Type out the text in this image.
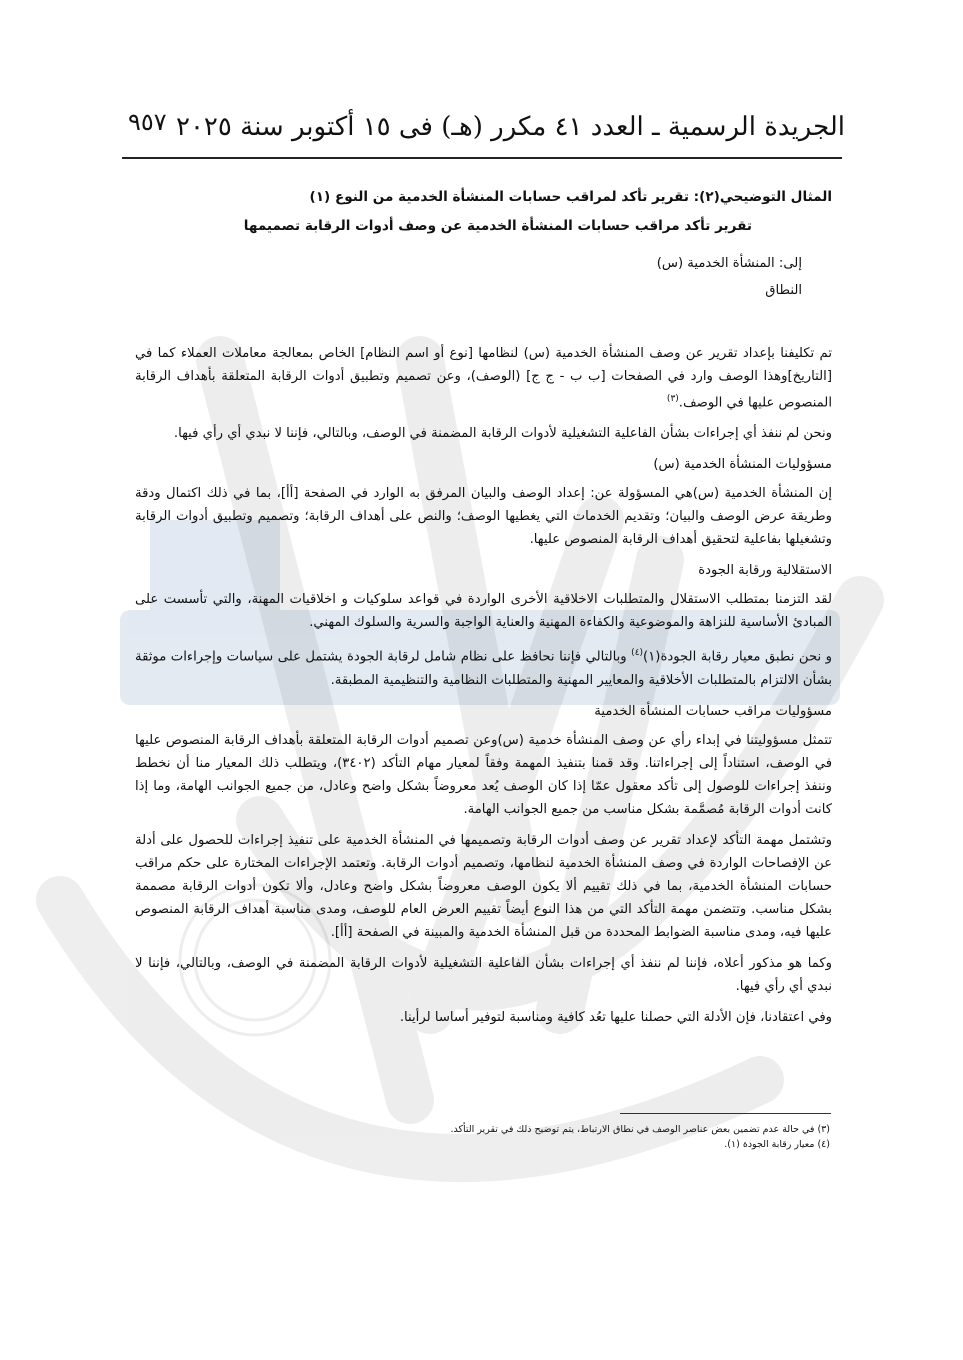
٩٥٧ الجريدة الرسمية ـ العدد ٤١ مكرر (هـ) فى ١٥ أكتوبر سنة ٢٠٢٥

المثال التوضيحي(٢): تقرير تأكد لمراقب حسابات المنشأة الخدمية من النوع (١)

تقرير تأكد مراقب حسابات المنشأة الخدمية عن وصف أدوات الرقابة تصميمها

إلى: المنشأة الخدمية (س)

النطاق

تم تكليفنا بإعداد تقرير عن وصف المنشأة الخدمية (س) لنظامها [نوع أو اسم النظام] الخاص بمعالجة معاملات العملاء كما في [التاريخ]وهذا الوصف وارد في الصفحات [ب ب - ج ج] (الوصف)، وعن تصميم وتطبيق أدوات الرقابة المتعلقة بأهداف الرقابة المنصوص عليها في الوصف.$^{(٣)}$

ونحن لم ننفذ أي إجراءات بشأن الفاعلية التشغيلية لأدوات الرقابة المضمنة في الوصف، وبالتالي، فإننا لا نبدي أي رأي فيها.

مسؤوليات المنشأة الخدمية (س)

إن المنشأة الخدمية (س)هي المسؤولة عن: إعداد الوصف والبيان المرفق به الوارد في الصفحة [أأ]، بما في ذلك اكتمال ودقة وطريقة عرض الوصف والبيان؛ وتقديم الخدمات التي يغطيها الوصف؛ والنص على أهداف الرقابة؛ وتصميم وتطبيق أدوات الرقابة وتشغيلها بفاعلية لتحقيق أهداف الرقابة المنصوص عليها.

الاستقلالية ورقابة الجودة

لقد التزمنا بمتطلب الاستقلال والمتطلبات الاخلاقية الأخرى الواردة في قواعد سلوكيات و اخلاقيات المهنة، والتي تأسست على المبادئ الأساسية للنزاهة والموضوعية والكفاءة المهنية والعناية الواجبة والسرية والسلوك المهني.

و نحن نطبق معيار رقابة الجودة(١)$^{(٤)}$ وبالتالي فإننا نحافظ على نظام شامل لرقابة الجودة يشتمل على سياسات وإجراءات موثقة بشأن الالتزام بالمتطلبات الأخلاقية والمعايير المهنية والمتطلبات النظامية والتنظيمية المطبقة.

مسؤوليات مراقب حسابات المنشأة الخدمية

تتمثل مسؤوليتنا في إبداء رأي عن وصف المنشأة خدمية (س)وعن تصميم أدوات الرقابة المتعلقة بأهداف الرقابة المنصوص عليها في الوصف، استناداً إلى إجراءاتنا. وقد قمنا بتنفيذ المهمة وفقاً لمعيار مهام التأكد (٣٤٠٢)، ويتطلب ذلك المعيار منا أن نخطط وننفذ إجراءات للوصول إلى تأكد معقول عمّا إذا كان الوصف يُعد معروضاً بشكل واضح وعادل، من جميع الجوانب الهامة، وما إذا كانت أدوات الرقابة مُصمَّمة بشكل مناسب من جميع الجوانب الهامة.

وتشتمل مهمة التأكد لإعداد تقرير عن وصف أدوات الرقابة وتصميمها في المنشأة الخدمية على تنفيذ إجراءات للحصول على أدلة عن الإفصاحات الواردة في وصف المنشأة الخدمية لنظامها، وتصميم أدوات الرقابة. وتعتمد الإجراءات المختارة على حكم مراقب حسابات المنشأة الخدمية، بما في ذلك تقييم ألا يكون الوصف معروضاً بشكل واضح وعادل، وألا تكون أدوات الرقابة مصممة بشكل مناسب. وتتضمن مهمة التأكد التي من هذا النوع أيضاً تقييم العرض العام للوصف، ومدى مناسبة أهداف الرقابة المنصوص عليها فيه، ومدى مناسبة الضوابط المحددة من قبل المنشأة الخدمية والمبينة في الصفحة [أأ].

وكما هو مذكور أعلاه، فإننا لم ننفذ أي إجراءات بشأن الفاعلية التشغيلية لأدوات الرقابة المضمنة في الوصف، وبالتالي، فإننا لا نبدي أي رأي فيها.

وفي اعتقادنا، فإن الأدلة التي حصلنا عليها تعُد كافية ومناسبة لتوفير أساسا لرأينا.

(٣) في حالة عدم تضمين بعض عناصر الوصف في نطاق الارتباط، يتم توضيح ذلك في تقرير التأكد.
(٤) معيار رقابة الجودة (١).
